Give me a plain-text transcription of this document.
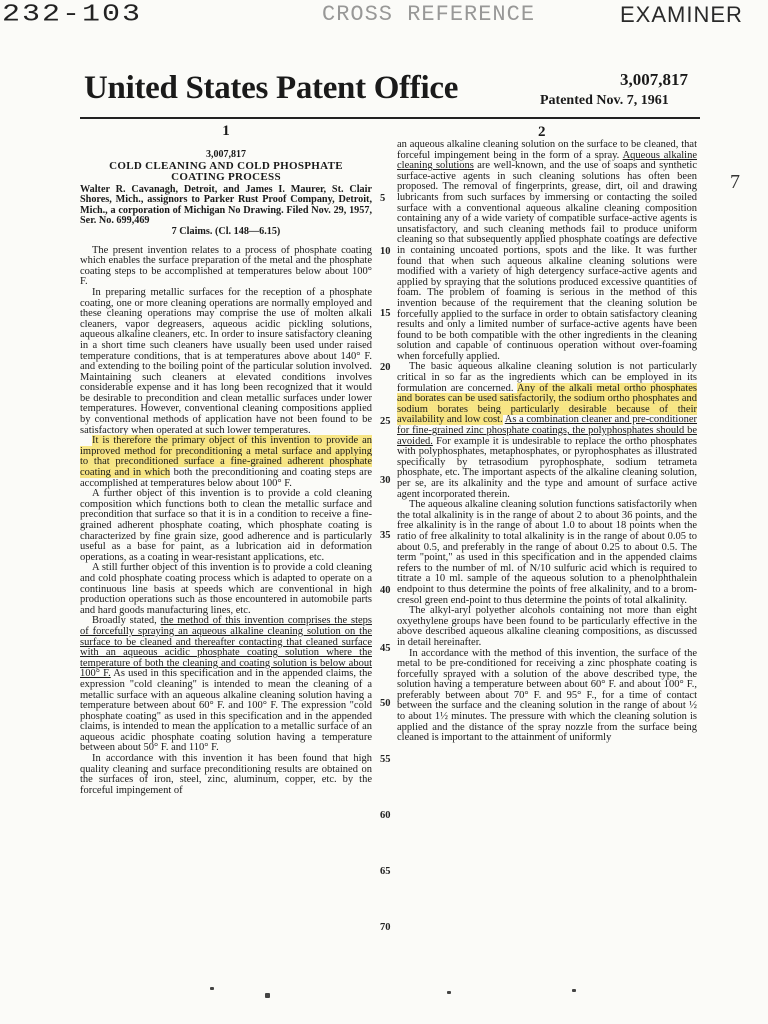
232-103	CROSS REFERENCE	EXAMINER
United States Patent Office	3,007,817
Patented Nov. 7, 1961
2
7
1
3,007,817
COLD CLEANING AND COLD PHOSPHATE
COATING PROCESS

Walter R. Cavanagh, Detroit, and James I. Maurer, St. Clair Shores, Mich., assignors to Parker Rust Proof Company, Detroit, Mich., a corporation of Michigan No Drawing. Filed Nov. 29, 1957, Ser. No. 699,469

7 Claims. (Cl. 148—6.15)

The present invention relates to a process of phosphate coating which enables the surface preparation of the metal and the phosphate coating steps to be accomplished at temperatures below about 100° F.

In preparing metallic surfaces for the reception of a phosphate coating, one or more cleaning operations are normally employed and these cleaning operations may comprise the use of molten alkali cleaners, vapor degreasers, aqueous acidic pickling solutions, aqueous alkaline cleaners, etc. In order to insure satisfactory cleaning in a short time such cleaners have usually been used under raised temperature conditions, that is at temperatures above about 140° F. and extending to the boiling point of the particular solution involved. Maintaining such cleaners at elevated conditions involves considerable expense and it has long been recognized that it would be desirable to precondition and clean metallic surfaces under lower temperatures. However, conventional cleaning compositions applied by conventional methods of application have not been found to be satisfactory when operated at such lower temperatures.

It is therefore the primary object of this invention to provide an improved method for preconditioning a metal surface and applying to that preconditioned surface a fine-grained adherent phosphate coating and in which both the preconditioning and coating steps are accomplished at temperatures below about 100° F.

A further object of this invention is to provide a cold cleaning composition which functions both to clean the metallic surface and precondition that surface so that it is in a condition to receive a fine-grained adherent phosphate coating, which phosphate coating is characterized by fine grain size, good adherence and is particularly useful as a base for paint, as a lubrication aid in deformation operations, as a coating in wear-resistant applications, etc.

A still further object of this invention is to provide a cold cleaning and cold phosphate coating process which is adapted to operate on a continuous line basis at speeds which are conventional in high production operations such as those encountered in automobile parts and hard goods manufacturing lines, etc.

Broadly stated, the method of this invention comprises the steps of forcefully spraying an aqueous alkaline cleaning solution on the surface to be cleaned and thereafter contacting that cleaned surface with an aqueous acidic phosphate coating solution where the temperature of both the cleaning and coating solution is below about 100° F. As used in this specification and in the appended claims, the expression "cold cleaning" is intended to mean the cleaning of a metallic surface with an aqueous alkaline cleaning solution having a temperature between about 60° F. and 100° F. The expression "cold phosphate coating" as used in this specification and in the appended claims, is intended to mean the application to a metallic surface of an aqueous acidic phosphate coating solution having a temperature between about 50° F. and 110° F.

In accordance with this invention it has been found that high quality cleaning and surface preconditioning results are obtained on the surfaces of iron, steel, zinc, aluminum, copper, etc. by the forceful impingement of

5
10
15
20
25
30
35
40
45
50
55
60
65
70

an aqueous alkaline cleaning solution on the surface to be cleaned, that forceful impingement being in the form of a spray. Aqueous alkaline cleaning solutions are well-known, and the use of soaps and synthetic surface-active agents in such cleaning solutions has often been proposed. The removal of fingerprints, grease, dirt, oil and drawing lubricants from such surfaces by immersing or contacting the soiled surface with a conventional aqueous alkaline cleaning composition containing any of a wide variety of compatible surface-active agents is unsatisfactory, and such cleaning methods fail to produce uniform cleaning so that subsequently applied phosphate coatings are defective in containing uncoated portions, spots and the like. It was further found that when such aqueous alkaline cleaning solutions were modified with a variety of high detergency surface-active agents and applied by spraying that the solutions produced excessive quantities of foam. The problem of foaming is serious in the method of this invention because of the requirement that the cleaning solution be forcefully applied to the surface in order to obtain satisfactory cleaning results and only a limited number of surface-active agents have been found to be both compatible with the other ingredients in the cleaning solution and capable of continuous operation without over-foaming when forcefully applied.

The basic aqueous alkaline cleaning solution is not particularly critical in so far as the ingredients which can be employed in its formulation are concerned. Any of the alkali metal ortho phosphates and borates can be used satisfactorily, the sodium ortho phosphates and sodium borates being particularly desirable because of their availability and low cost. As a combination cleaner and pre-conditioner for fine-grained zinc phosphate coatings, the polyphosphates should be avoided. For example it is undesirable to replace the ortho phosphates with polyphosphates, metaphosphates, or pyrophosphates as illustrated specifically by tetrasodium pyrophosphate, sodium tetrameta phosphate, etc. The important aspects of the alkaline cleaning solution, per se, are its alkalinity and the type and amount of surface active agent incorporated therein.

The aqueous alkaline cleaning solution functions satisfactorily when the total alkalinity is in the range of about 2 to about 36 points, and the free alkalinity is in the range of about 1.0 to about 18 points when the ratio of free alkalinity to total alkalinity is in the range of about 0.05 to about 0.5, and preferably in the range of about 0.25 to about 0.5. The term "point," as used in this specification and in the appended claims refers to the number of ml. of N/10 sulfuric acid which is required to titrate a 10 ml. sample of the aqueous solution to a phenolphthalein endpoint to thus determine the points of free alkalinity, and to a brom-cresol green end-point to thus determine the points of total alkalinity.

The alkyl-aryl polyether alcohols containing not more than eight oxyethylene groups have been found to be particularly effective in the above described aqueous alkaline cleaning compositions, as discussed in detail hereinafter.

In accordance with the method of this invention, the surface of the metal to be pre-conditioned for receiving a zinc phosphate coating is forcefully sprayed with a solution of the above described type, the solution having a temperature between about 60° F. and about 100° F., preferably between about 70° F. and 95° F., for a time of contact between the surface and the cleaning solution in the range of about ½ to about 1½ minutes. The pressure with which the cleaning solution is applied and the distance of the spray nozzle from the surface being cleaned is important to the attainment of uniformly
